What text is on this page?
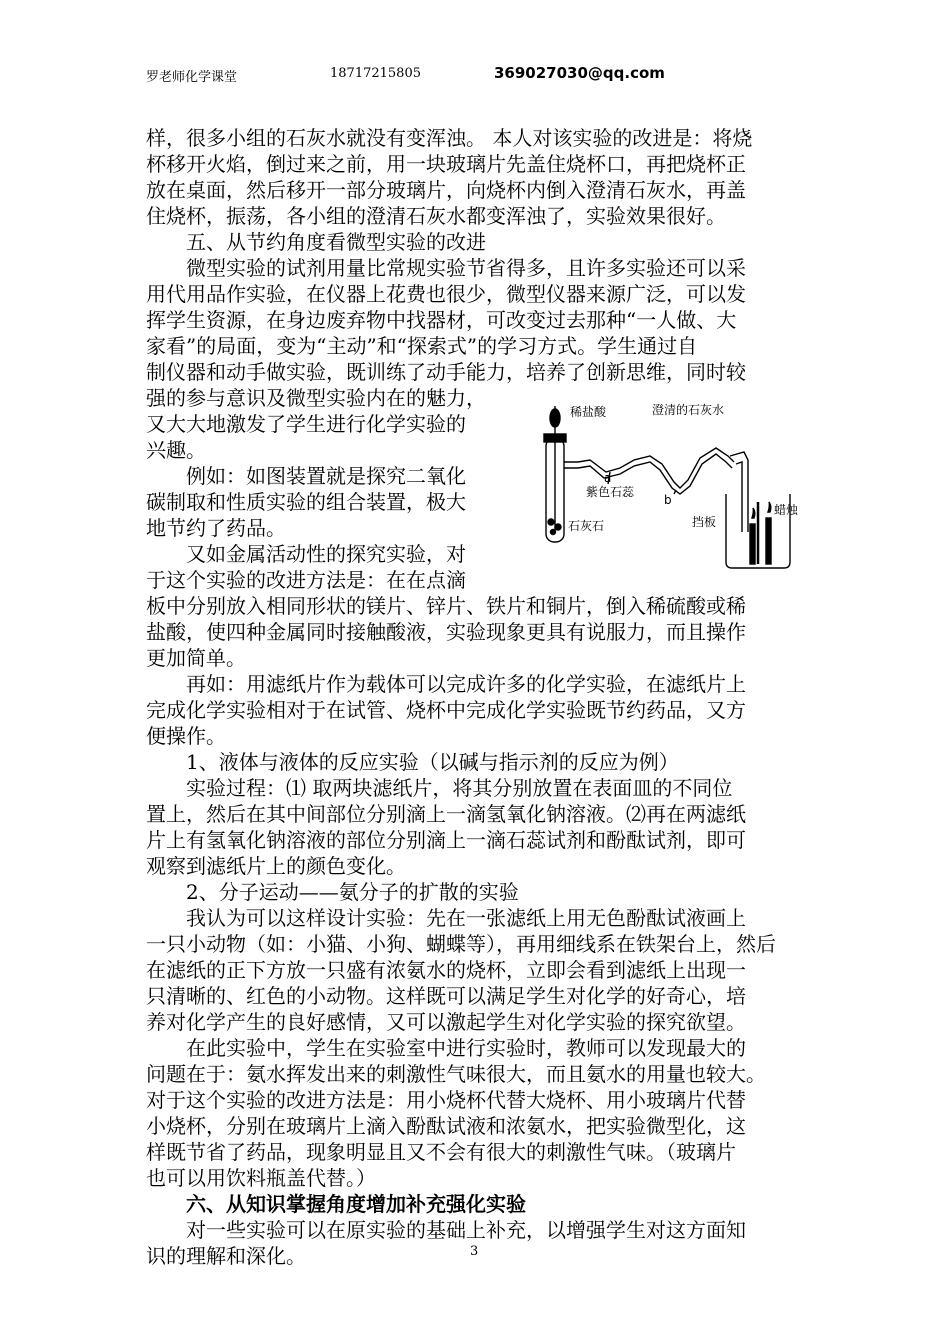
罗老师化学课堂	18717215805	369027030@qq.com
样，很多小组的石灰水就没有变浑浊。 本人对该实验的改进是：将烧
杯移开火焰，倒过来之前，用一块玻璃片先盖住烧杯口，再把烧杯正
放在桌面，然后移开一部分玻璃片，向烧杯内倒入澄清石灰水，再盖
住烧杯，振荡，各小组的澄清石灰水都变浑浊了，实验效果很好。
　　五、从节约角度看微型实验的改进
　　微型实验的试剂用量比常规实验节省得多，且许多实验还可以采
用代用品作实验，在仪器上花费也很少，微型仪器来源广泛，可以发
挥学生资源，在身边废弃物中找器材，可改变过去那种“一人做、大
家看”的局面，变为“主动”和“探索式”的学习方式。学生通过自
制仪器和动手做实验，既训练了动手能力，培养了创新思维，同时较
强的参与意识及微型实验内在的魅力，
又大大地激发了学生进行化学实验的
兴趣。
　　例如：如图装置就是探究二氧化
碳制取和性质实验的组合装置，极大
地节约了药品。
　　又如金属活动性的探究实验，对
于这个实验的改进方法是：在在点滴
板中分别放入相同形状的镁片、锌片、铁片和铜片，倒入稀硫酸或稀
盐酸，使四种金属同时接触酸液，实验现象更具有说服力，而且操作
更加简单。
　　再如：用滤纸片作为载体可以完成许多的化学实验，在滤纸片上
完成化学实验相对于在试管、烧杯中完成化学实验既节约药品，又方
便操作。
　　1、液体与液体的反应实验（以碱与指示剂的反应为例）
　　实验过程：⑴ 取两块滤纸片，将其分别放置在表面皿的不同位
置上，然后在其中间部位分别滴上一滴氢氧化钠溶液。⑵再在两滤纸
片上有氢氧化钠溶液的部位分别滴上一滴石蕊试剂和酚酞试剂，即可
观察到滤纸片上的颜色变化。
　　2、分子运动——氨分子的扩散的实验
　　我认为可以这样设计实验：先在一张滤纸上用无色酚酞试液画上
一只小动物（如：小猫、小狗、蝴蝶等），再用细线系在铁架台上，然后
在滤纸的正下方放一只盛有浓氨水的烧杯，立即会看到滤纸上出现一
只清晰的、红色的小动物。这样既可以满足学生对化学的好奇心，培
养对化学产生的良好感情，又可以激起学生对化学实验的探究欲望。
　　在此实验中，学生在实验室中进行实验时，教师可以发现最大的
问题在于：氨水挥发出来的刺激性气味很大，而且氨水的用量也较大。
对于这个实验的改进方法是：用小烧杯代替大烧杯、用小玻璃片代替
小烧杯，分别在玻璃片上滴入酚酞试液和浓氨水，把实验微型化，这
样既节省了药品，现象明显且又不会有很大的刺激性气味。（玻璃片
也可以用饮料瓶盖代替。）
　　六、从知识掌握角度增加补充强化实验
　　对一些实验可以在原实验的基础上补充，以增强学生对这方面知
识的理解和深化。
稀盐酸	澄清的石灰水
a
紫色石蕊
b
石灰石	挡板
蜡烛
3
